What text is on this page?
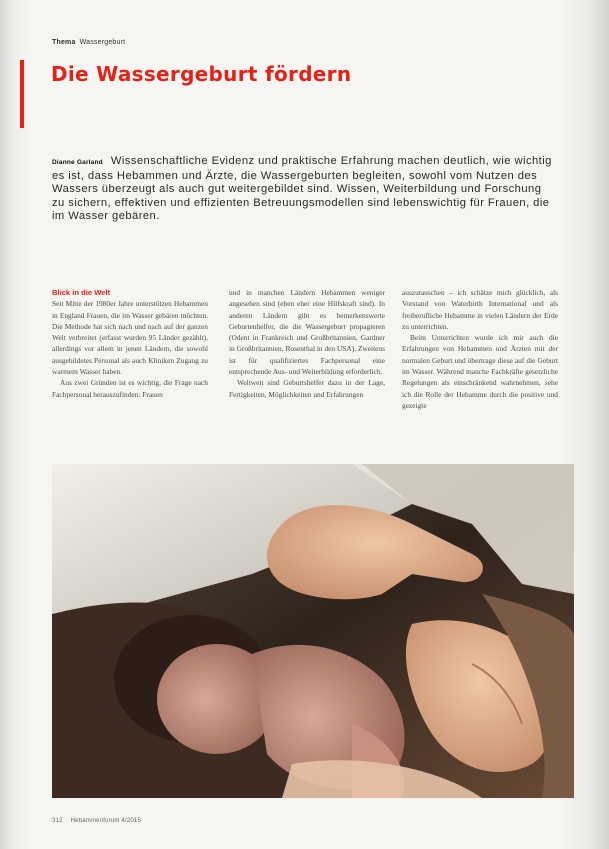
Thema Wassergeburt
Die Wassergeburt fördern

Dianne Garland Wissenschaftliche Evidenz und praktische Erfahrung machen deutlich, wie wichtig es ist, dass Hebammen und Ärzte, die Wassergeburten begleiten, sowohl vom Nutzen des Wassers überzeugt als auch gut weitergebildet sind. Wissen, Weiterbildung und Forschung zu sichern, effektiven und effizienten Betreuungsmodellen sind lebenswichtig für Frauen, die im Wasser gebären.

Blick in die Welt

Seit Mitte der 1980er Jahre unterstützen Hebammen in England Frauen, die im Wasser gebären möchten. Die Methode hat sich nach und nach auf der ganzen Welt verbreitet (erfasst wurden 95 Länder gezählt), allerdings vor allem in jenen Ländern, die sowohl ausgebildetes Personal als auch Kliniken Zugang zu warmem Wasser haben.

Aus zwei Gründen ist es wichtig, die Frage nach Fachpersonal herauszufinden: Frauen

und in manchen Ländern Hebammen weniger angesehen sind (eben eher eine Hilfskraft sind). In anderen Ländern gibt es bemerkenswerte Geburtenhelfer, die die Wassergeburt propagieren (Odent in Frankreich und Großbritannien, Gardner in Großbritannien, Rosenthal in den USA). Zweitens ist für qualifiziertes Fachpersonal eine entsprechende Aus- und Weiterbildung erforderlich.

Weltweit sind Geburtshelfer dazu in der Lage, Fertigkeiten, Möglichkeiten und Erfahrungen

auszutauschen – ich schätze mich glücklich, als Vorstand von Waterbirth International und als freiberufliche Hebamme in vielen Ländern der Erde zu unterrichten.

Beim Unterrichten wurde ich mir auch die Erfahrungen von Hebammen und Ärzten mit der normalen Geburt und übertrage diese auf die Geburt im Wasser. Während manche Fachkräfte gesetzliche Regelungen als einschränkend wahrnehmen, sehe ich die Rolle der Hebamme durch die positive und gezeigte

312 Hebammenforum 4/2015
